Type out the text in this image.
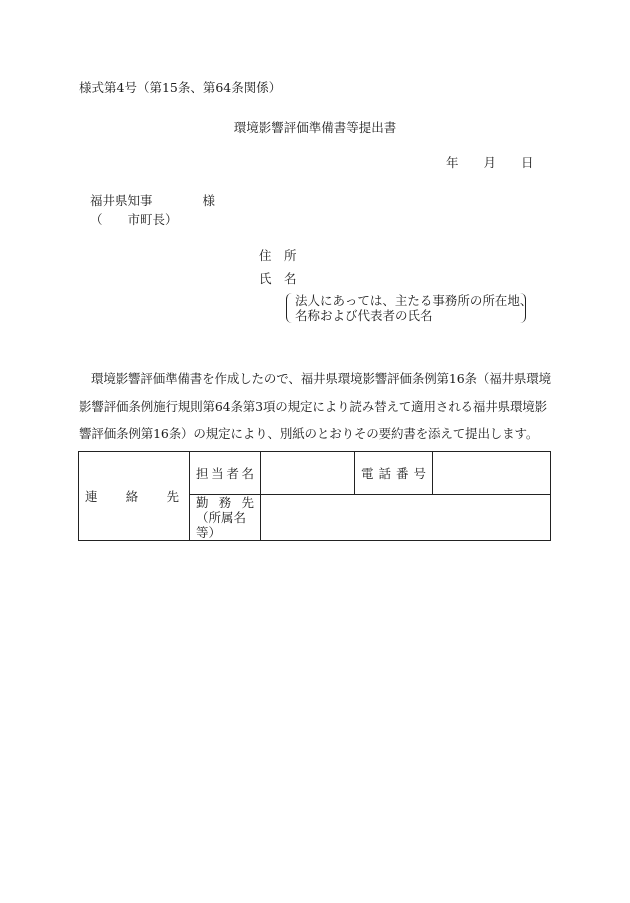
様式第4号（第15条、第64条関係）
環境影響評価準備書等提出書
年 月 日
福井県知事	様
（　　市町長）
住　所
氏　名
法人にあっては、主たる事務所の所在地、
名称および代表者の氏名
環境影響評価準備書を作成したので、福井県環境影響評価条例第16条（福井県環境影響評価条例施行規則第64条第3項の規定により読み替えて適用される福井県環境影響評価条例第16条）の規定により、別紙のとおりその要約書を添えて提出します。
連 絡 先	担 当 者 名		電 話 番 号	

	勤 務 先
（所属名等）			
